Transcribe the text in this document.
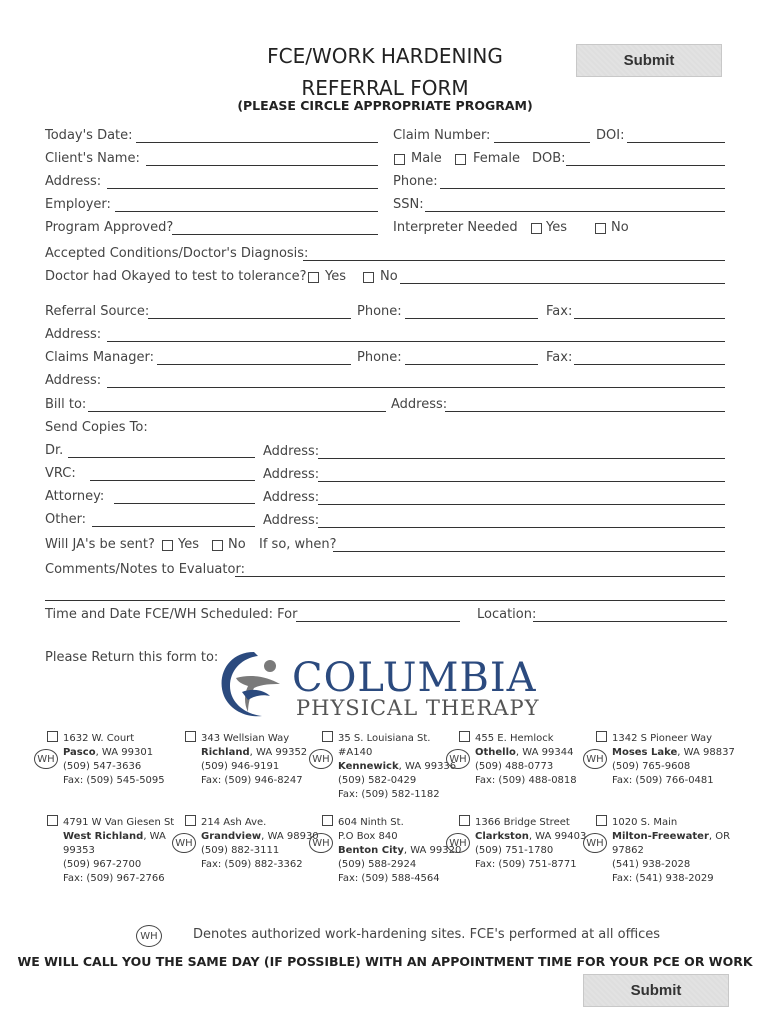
FCE/WORK HARDENING
REFERRAL FORM
(PLEASE CIRCLE APPROPRIATE PROGRAM)
Submit
Today's Date:	Claim Number:	DOI:
Client's Name:	Male Female DOB:
Address:	Phone:
Employer:	SSN:
Program Approved?	Interpreter Needed Yes	No
Accepted Conditions/Doctor's Diagnosis:
Doctor had Okayed to test to tolerance? Yes	No
Referral Source:	Phone:	Fax:
Address:
Claims Manager:	Phone:	Fax:
Address:
Bill to:	Address:
Send Copies To:
Dr.	Address:
VRC:	Address:
Attorney:	Address:
Other:	Address:
Will JA's be sent? Yes No If so, when?
Comments/Notes to Evaluator:
Time and Date FCE/WH Scheduled: For	Location:
Please Return this form to: COLUMBIA
PHYSICAL THERAPY
WH
1632 W. Court
Pasco, WA 99301
(509) 547-3636
Fax: (509) 545-5095
343 Wellsian Way
Richland, WA 99352
(509) 946-9191
Fax: (509) 946-8247
WH
35 S. Louisiana St.
#A140
Kennewick, WA 99336
(509) 582-0429
Fax: (509) 582-1182
WH
455 E. Hemlock
Othello, WA 99344
(509) 488-0773
Fax: (509) 488-0818
WH
1342 S Pioneer Way
Moses Lake, WA 98837
(509) 765-9608
Fax: (509) 766-0481
4791 W Van Giesen St
West Richland, WA
99353
(509) 967-2700
Fax: (509) 967-2766
WH
214 Ash Ave.
Grandview, WA 98930
(509) 882-3111
Fax: (509) 882-3362
WH
604 Ninth St.
P.O Box 840
Benton City, WA 99320
(509) 588-2924
Fax: (509) 588-4564
WH
1366 Bridge Street
Clarkston, WA 99403
(509) 751-1780
Fax: (509) 751-8771
WH
1020 S. Main
Milton-Freewater, OR
97862
(541) 938-2028
Fax: (541) 938-2029
WH	Denotes authorized work-hardening sites. FCE's performed at all offices
WE WILL CALL YOU THE SAME DAY (IF POSSIBLE) WITH AN APPOINTMENT TIME FOR YOUR PCE OR WORK
Submit
